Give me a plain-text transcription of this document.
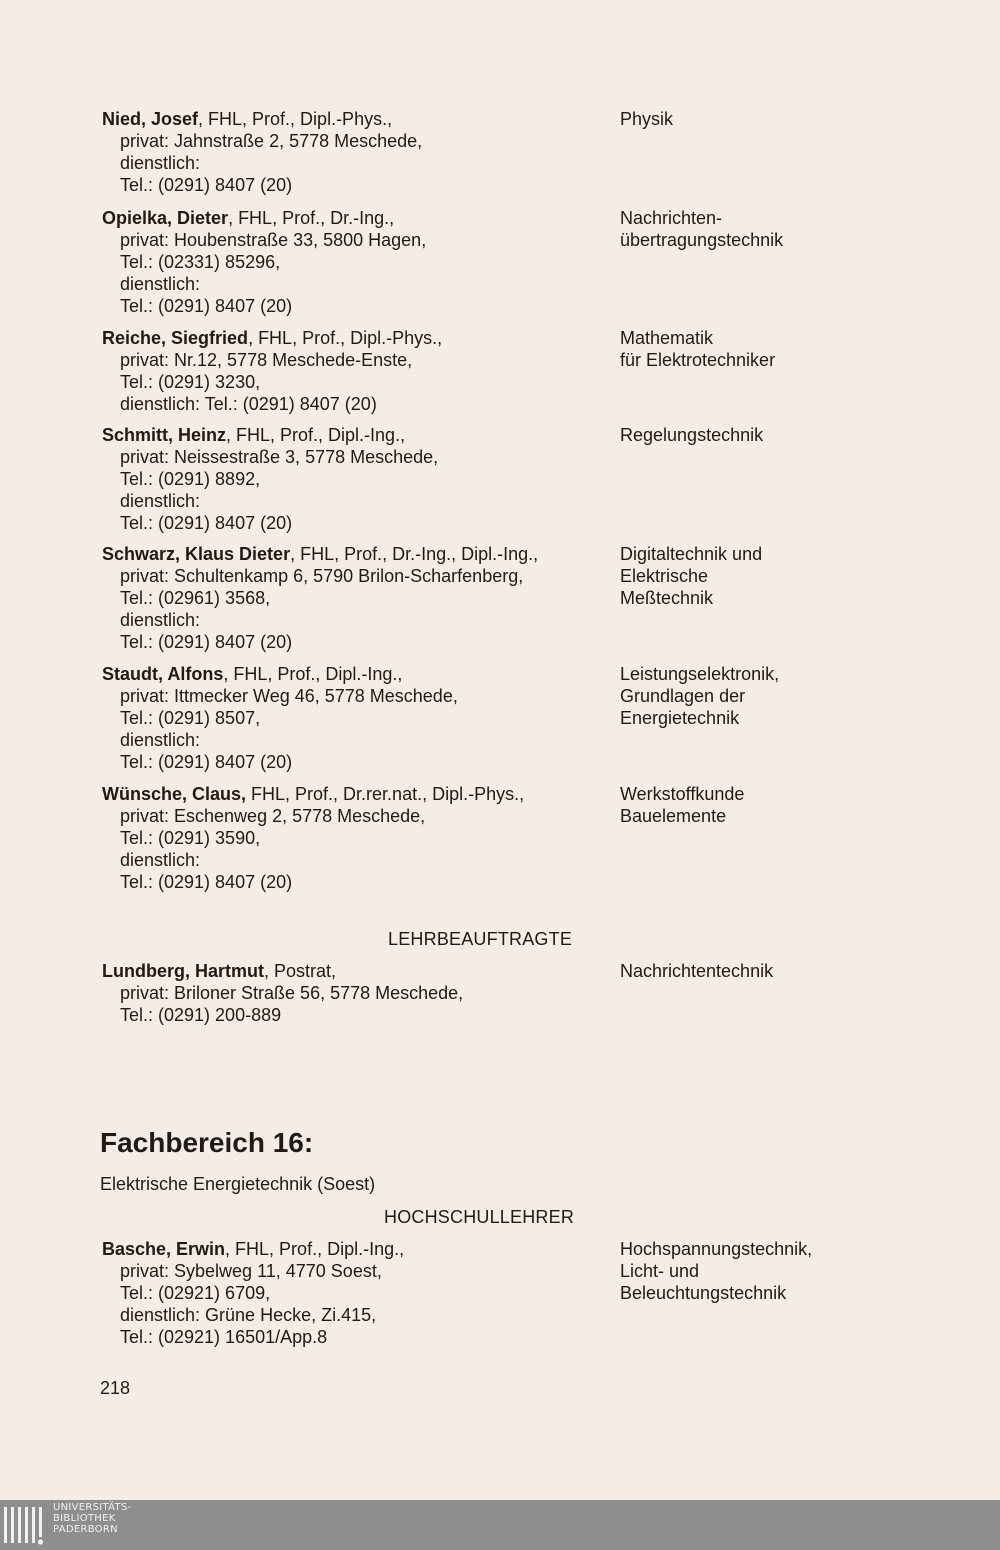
Nied, Josef, FHL, Prof., Dipl.-Phys.,
privat: Jahnstraße 2, 5778 Meschede,
dienstlich:
Tel.: (0291) 8407 (20)
Physik
Opielka, Dieter, FHL, Prof., Dr.-Ing.,
privat: Houbenstraße 33, 5800 Hagen,
Tel.: (02331) 85296,
dienstlich:
Tel.: (0291) 8407 (20)
Nachrichten-
übertragungstechnik
Reiche, Siegfried, FHL, Prof., Dipl.-Phys.,
privat: Nr.12, 5778 Meschede-Enste,
Tel.: (0291) 3230,
dienstlich: Tel.: (0291) 8407 (20)
Mathematik
für Elektrotechniker
Schmitt, Heinz, FHL, Prof., Dipl.-Ing.,
privat: Neissestraße 3, 5778 Meschede,
Tel.: (0291) 8892,
dienstlich:
Tel.: (0291) 8407 (20)
Regelungstechnik
Schwarz, Klaus Dieter, FHL, Prof., Dr.-Ing., Dipl.-Ing.,
privat: Schultenkamp 6, 5790 Brilon-Scharfenberg,
Tel.: (02961) 3568,
dienstlich:
Tel.: (0291) 8407 (20)
Digitaltechnik und
Elektrische
Meßtechnik
Staudt, Alfons, FHL, Prof., Dipl.-Ing.,
privat: Ittmecker Weg 46, 5778 Meschede,
Tel.: (0291) 8507,
dienstlich:
Tel.: (0291) 8407 (20)
Leistungselektronik,
Grundlagen der
Energietechnik
Wünsche, Claus, FHL, Prof., Dr.rer.nat., Dipl.-Phys.,
privat: Eschenweg 2, 5778 Meschede,
Tel.: (0291) 3590,
dienstlich:
Tel.: (0291) 8407 (20)
Werkstoffkunde
Bauelemente
LEHRBEAUFTRAGTE
Lundberg, Hartmut, Postrat,
privat: Briloner Straße 56, 5778 Meschede,
Tel.: (0291) 200-889
Nachrichtentechnik
Fachbereich 16:
Elektrische Energietechnik (Soest)
HOCHSCHULLEHRER
Basche, Erwin, FHL, Prof., Dipl.-Ing.,
privat: Sybelweg 11, 4770 Soest,
Tel.: (02921) 6709,
dienstlich: Grüne Hecke, Zi.415,
Tel.: (02921) 16501/App.8
Hochspannungstechnik,
Licht- und
Beleuchtungstechnik
218
UNIVERSITÄTS-
BIBLIOTHEK
PADERBORN
